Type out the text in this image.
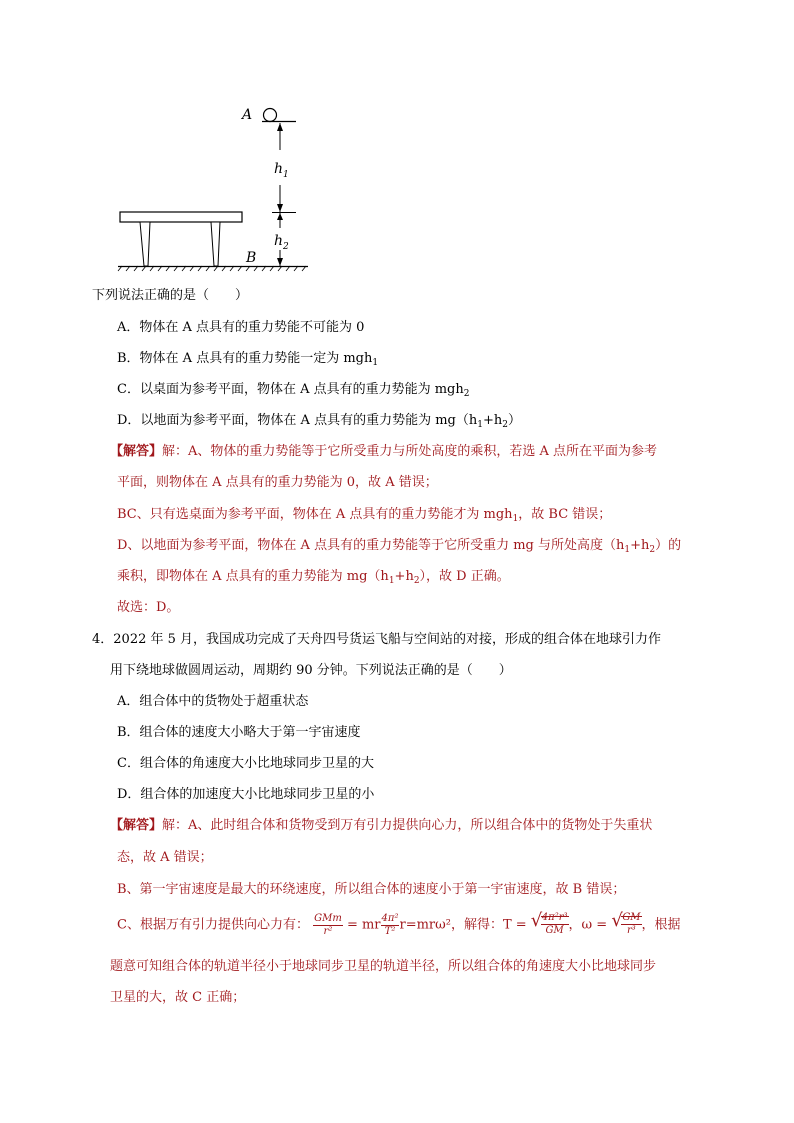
A
$h_1$
$h_2$
B
下列说法正确的是（　　）
A．物体在 A 点具有的重力势能不可能为 0
B．物体在 A 点具有的重力势能一定为 mgh$_1$
C．以桌面为参考平面，物体在 A 点具有的重力势能为 mgh$_2$
D．以地面为参考平面，物体在 A 点具有的重力势能为 $mg(h_1+h_2)$
【解答】解：A、物体的重力势能等于它所受重力与所处高度的乘积，若选 A 点所在平面为参考
平面，则物体在 A 点具有的重力势能为 0，故 A 错误；
BC、只有选桌面为参考平面，物体在 A 点具有的重力势能才为 mgh$_1$，故 BC 错误；
D、以地面为参考平面，物体在 A 点具有的重力势能等于它所受重力 mg 与所处高度$(h_1+h_2)$的
乘积，即物体在 A 点具有的重力势能为 $mg(h_1+h_2)$，故 D 正确。
故选：D。
4．2022 年 5 月，我国成功完成了天舟四号货运飞船与空间站的对接，形成的组合体在地球引力作
用下绕地球做圆周运动，周期约 90 分钟。下列说法正确的是（　　）
A．组合体中的货物处于超重状态
B．组合体的速度大小略大于第一宇宙速度
C．组合体的角速度大小比地球同步卫星的大
D．组合体的加速度大小比地球同步卫星的小
【解答】解：A、此时组合体和货物受到万有引力提供向心力，所以组合体中的货物处于失重状
态，故 A 错误；
B、第一宇宙速度是最大的环绕速度，所以组合体的速度小于第一宇宙速度，故 B 错误；
C、根据万有引力提供向心力有： $\frac{\text{GMm}}{\text{r²}}$ = mr $\frac{\text{4π²}}{\text{T²}} r=mr\omega^2$，解得：T = √
$\frac{\text{4π²r³}}{GM}$ ，ω = √
$\frac{GM}{\text{r³}}$ ，根据
题意可知组合体的轨道半径小于地球同步卫星的轨道半径，所以组合体的角速度大小比地球同步
卫星的大，故 C 正确；
